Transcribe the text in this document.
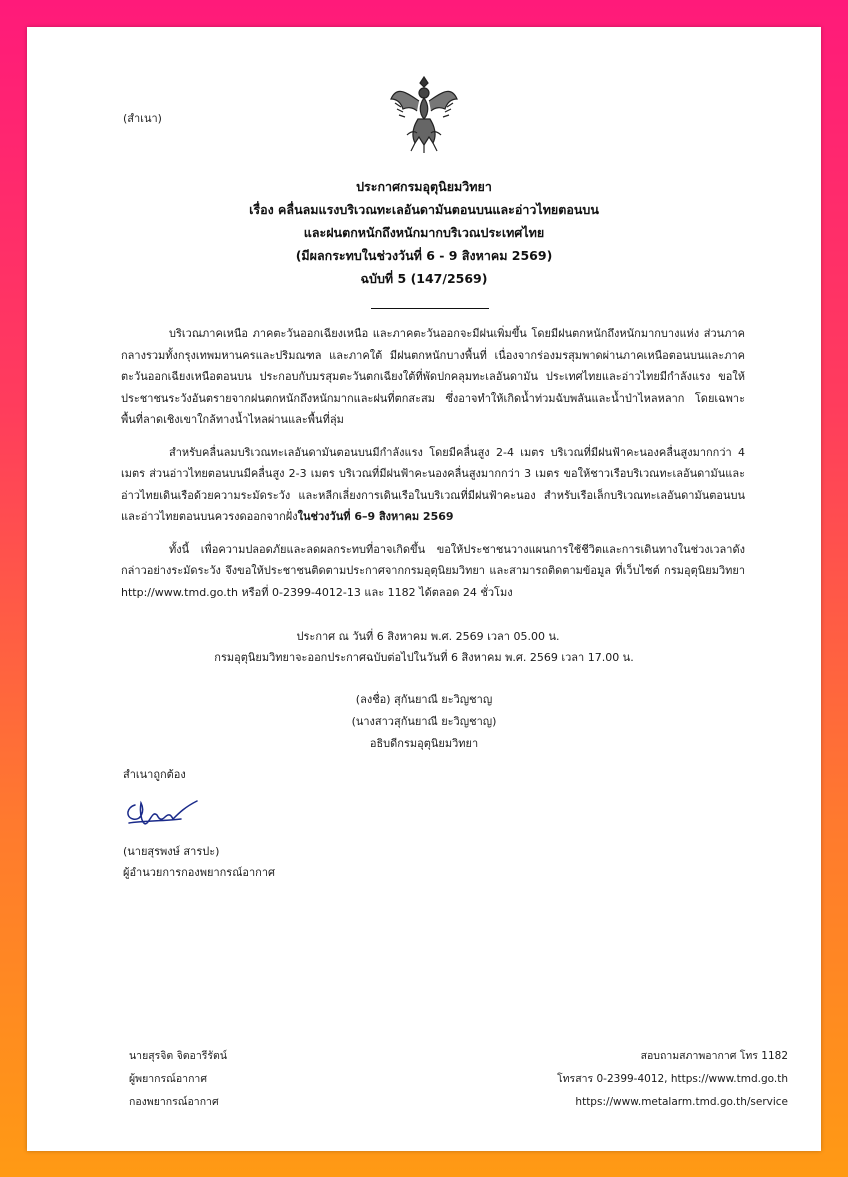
(สำเนา)
ประกาศกรมอุตุนิยมวิทยา
เรื่อง คลื่นลมแรงบริเวณทะเลอันดามันตอนบนและอ่าวไทยตอนบน
และฝนตกหนักถึงหนักมากบริเวณประเทศไทย
(มีผลกระทบในช่วงวันที่ 6 - 9 สิงหาคม 2569)
ฉบับที่ 5 (147/2569)

บริเวณภาคเหนือ ภาคตะวันออกเฉียงเหนือ และภาคตะวันออกจะมีฝนเพิ่มขึ้น โดยมีฝนตกหนักถึงหนักมากบางแห่ง ส่วนภาคกลางรวมทั้งกรุงเทพมหานครและปริมณฑล และภาคใต้ มีฝนตกหนักบางพื้นที่ เนื่องจากร่องมรสุมพาดผ่านภาคเหนือตอนบนและภาคตะวันออกเฉียงเหนือตอนบน ประกอบกับมรสุมตะวันตกเฉียงใต้ที่พัดปกคลุมทะเลอันดามัน ประเทศไทยและอ่าวไทยมีกำลังแรง ขอให้ประชาชนระวังอันตรายจากฝนตกหนักถึงหนักมากและฝนที่ตกสะสม ซึ่งอาจทำให้เกิดน้ำท่วมฉับพลันและน้ำป่าไหลหลาก โดยเฉพาะพื้นที่ลาดเชิงเขาใกล้ทางน้ำไหลผ่านและพื้นที่ลุ่ม

สำหรับคลื่นลมบริเวณทะเลอันดามันตอนบนมีกำลังแรง โดยมีคลื่นสูง 2-4 เมตร บริเวณที่มีฝนฟ้าคะนองคลื่นสูงมากกว่า 4 เมตร ส่วนอ่าวไทยตอนบนมีคลื่นสูง 2-3 เมตร บริเวณที่มีฝนฟ้าคะนองคลื่นสูงมากกว่า 3 เมตร ขอให้ชาวเรือบริเวณทะเลอันดามันและอ่าวไทยเดินเรือด้วยความระมัดระวัง และหลีกเลี่ยงการเดินเรือในบริเวณที่มีฝนฟ้าคะนอง สำหรับเรือเล็กบริเวณทะเลอันดามันตอนบนและอ่าวไทยตอนบนควรงดออกจากฝั่งในช่วงวันที่ 6–9 สิงหาคม 2569

ทั้งนี้ เพื่อความปลอดภัยและลดผลกระทบที่อาจเกิดขึ้น ขอให้ประชาชนวางแผนการใช้ชีวิตและการเดินทางในช่วงเวลาดังกล่าวอย่างระมัดระวัง จึงขอให้ประชาชนติดตามประกาศจากกรมอุตุนิยมวิทยา และสามารถติดตามข้อมูล ที่เว็บไซต์ กรมอุตุนิยมวิทยา http://www.tmd.go.th หรือที่ 0-2399-4012-13 และ 1182 ได้ตลอด 24 ชั่วโมง

ประกาศ ณ วันที่ 6 สิงหาคม พ.ศ. 2569 เวลา 05.00 น.
กรมอุตุนิยมวิทยาจะออกประกาศฉบับต่อไปในวันที่ 6 สิงหาคม พ.ศ. 2569 เวลา 17.00 น.
(ลงชื่อ) สุกันยาณี ยะวิญชาญ
(นางสาวสุกันยาณี ยะวิญชาญ)
อธิบดีกรมอุตุนิยมวิทยา
สำเนาถูกต้อง
(นายสุรพงษ์ สารปะ)
ผู้อำนวยการกองพยากรณ์อากาศ
นายสุรจิต จิตอารีรัตน์
ผู้พยากรณ์อากาศ
กองพยากรณ์อากาศ
สอบถามสภาพอากาศ โทร 1182
โทรสาร 0-2399-4012, https://www.tmd.go.th
https://www.metalarm.tmd.go.th/service
